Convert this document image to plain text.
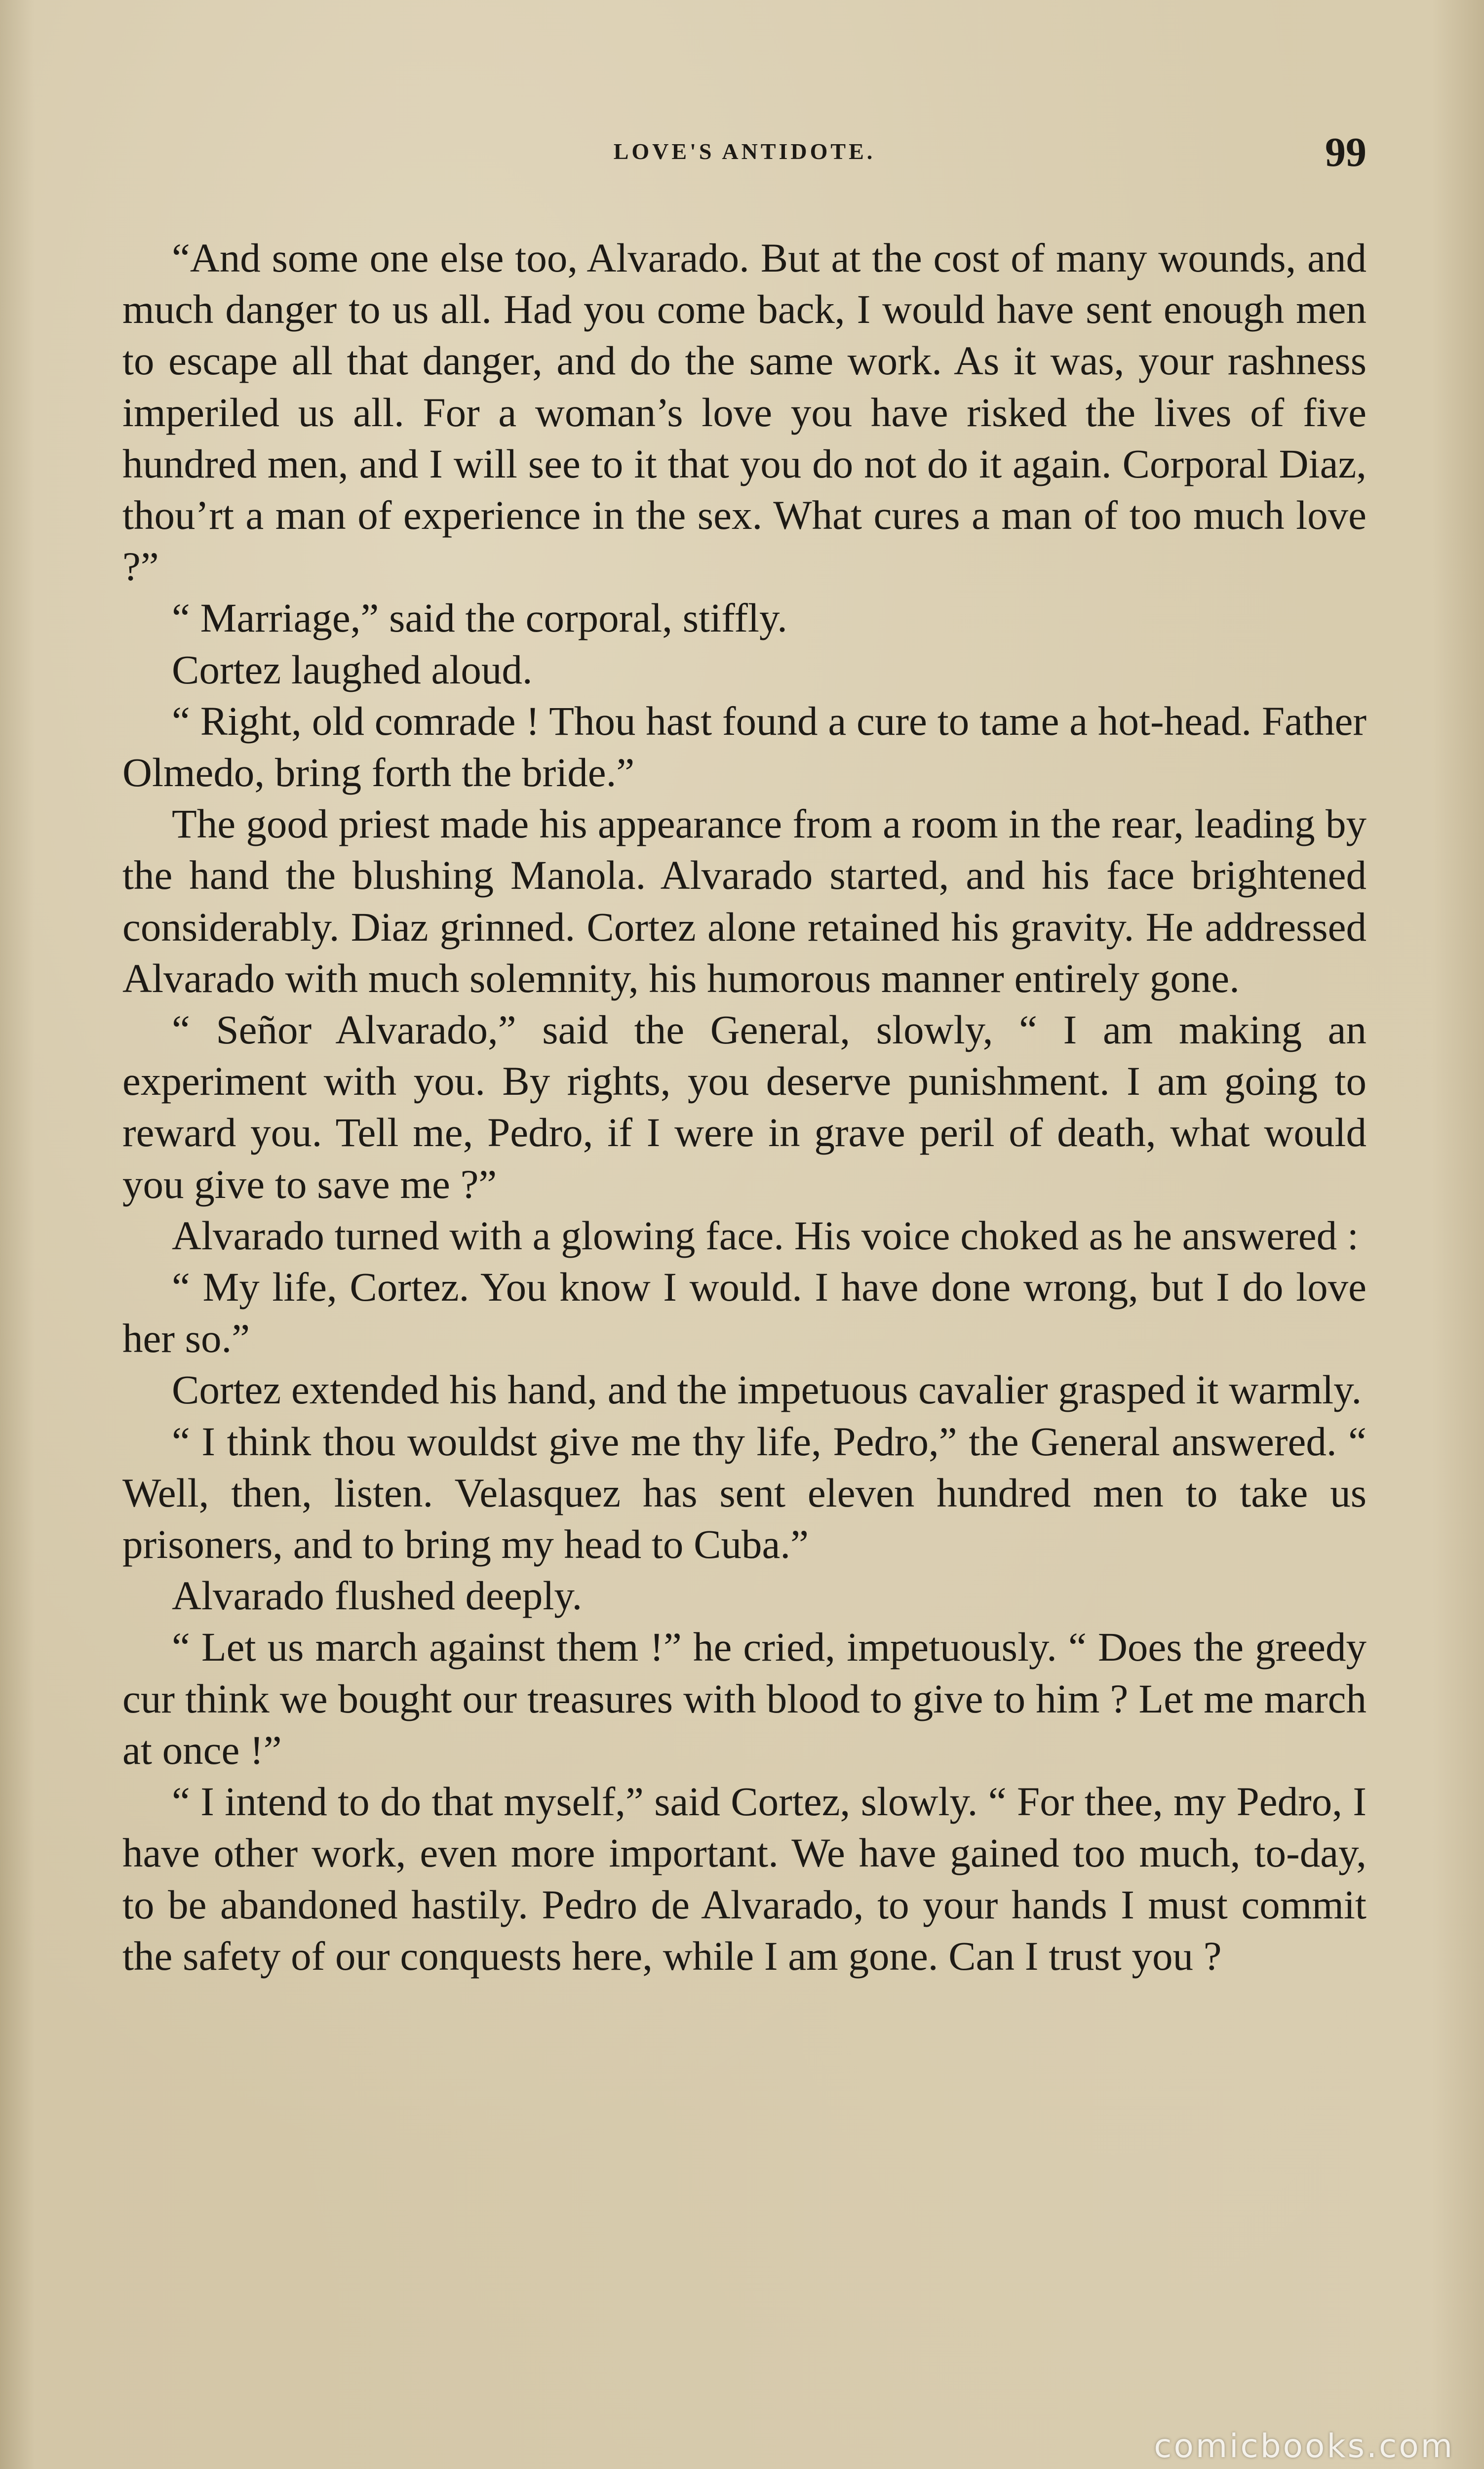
LOVE'S ANTIDOTE.	99

“And some one else too, Alvarado. But at the cost of many wounds, and much danger to us all. Had you come back, I would have sent enough men to escape all that danger, and do the same work. As it was, your rashness imperiled us all. For a woman’s love you have risked the lives of five hundred men, and I will see to it that you do not do it again. Corporal Diaz, thou’rt a man of experience in the sex. What cures a man of too much love ?”

“ Marriage,” said the corporal, stiffly.

Cortez laughed aloud.

“ Right, old comrade ! Thou hast found a cure to tame a hot-head. Father Olmedo, bring forth the bride.”

The good priest made his appearance from a room in the rear, leading by the hand the blushing Manola. Alvarado started, and his face brightened considerably. Diaz grinned. Cortez alone retained his gravity. He addressed Alvarado with much solemnity, his humorous manner entirely gone.

“ Señor Alvarado,” said the General, slowly, “ I am making an experiment with you. By rights, you deserve punishment. I am going to reward you. Tell me, Pedro, if I were in grave peril of death, what would you give to save me ?”

Alvarado turned with a glowing face. His voice choked as he answered :

“ My life, Cortez. You know I would. I have done wrong, but I do love her so.”

Cortez extended his hand, and the impetuous cavalier grasped it warmly.

“ I think thou wouldst give me thy life, Pedro,” the General answered. “ Well, then, listen. Velasquez has sent eleven hundred men to take us prisoners, and to bring my head to Cuba.”

Alvarado flushed deeply.

“ Let us march against them !” he cried, impetuously. “ Does the greedy cur think we bought our treasures with blood to give to him ? Let me march at once !”

“ I intend to do that myself,” said Cortez, slowly. “ For thee, my Pedro, I have other work, even more important. We have gained too much, to-day, to be abandoned hastily. Pedro de Alvarado, to your hands I must commit the safety of our conquests here, while I am gone. Can I trust you ?

comicbooks.com
